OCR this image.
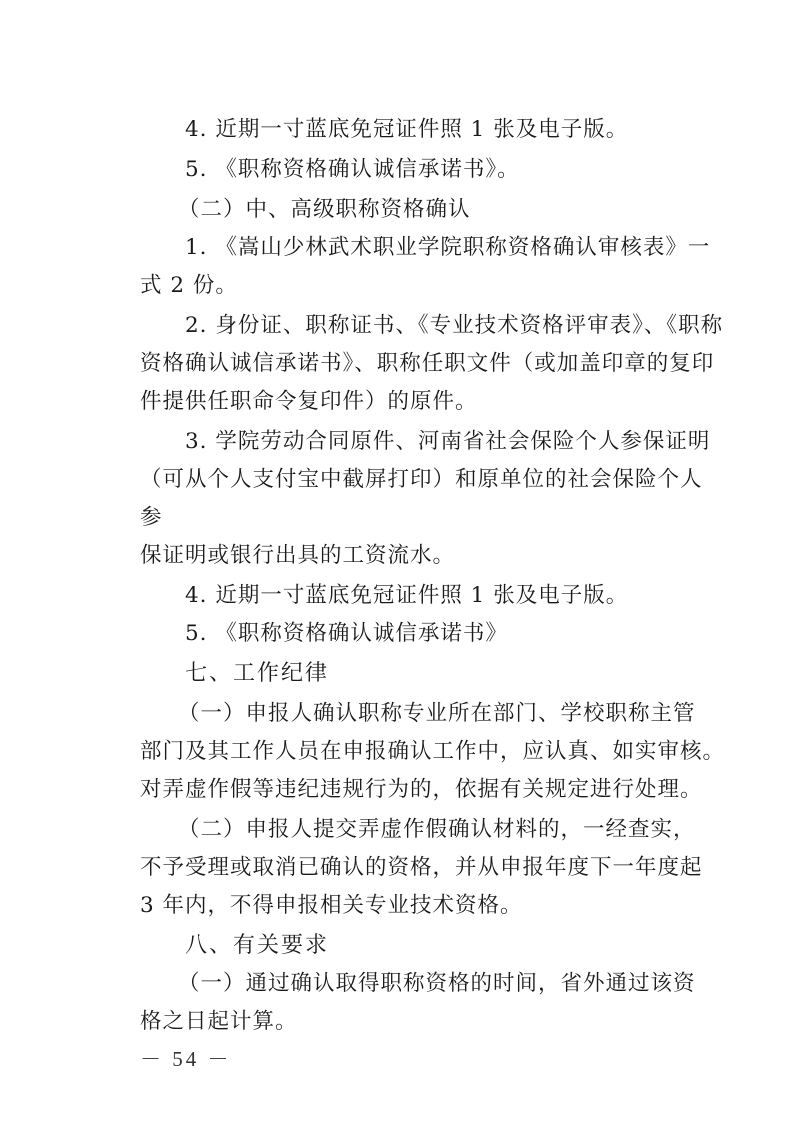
4. 近期一寸蓝底免冠证件照 1 张及电子版。
5. 《职称资格确认诚信承诺书》。
（二）中、高级职称资格确认
1. 《嵩山少林武术职业学院职称资格确认审核表》一
式 2 份。
2. 身份证、职称证书、《专业技术资格评审表》、《职称
资格确认诚信承诺书》、职称任职文件（或加盖印章的复印
件提供任职命令复印件）的原件。
3. 学院劳动合同原件、河南省社会保险个人参保证明
（可从个人支付宝中截屏打印）和原单位的社会保险个人
参
保证明或银行出具的工资流水。
4. 近期一寸蓝底免冠证件照 1 张及电子版。
5. 《职称资格确认诚信承诺书》
七、工作纪律
（一）申报人确认职称专业所在部门、学校职称主管
部门及其工作人员在申报确认工作中，应认真、如实审核。
对弄虚作假等违纪违规行为的，依据有关规定进行处理。
（二）申报人提交弄虚作假确认材料的，一经查实，
不予受理或取消已确认的资格，并从申报年度下一年度起
3 年内，不得申报相关专业技术资格。
八、有关要求
（一）通过确认取得职称资格的时间，省外通过该资
格之日起计算。
－ 54 －
